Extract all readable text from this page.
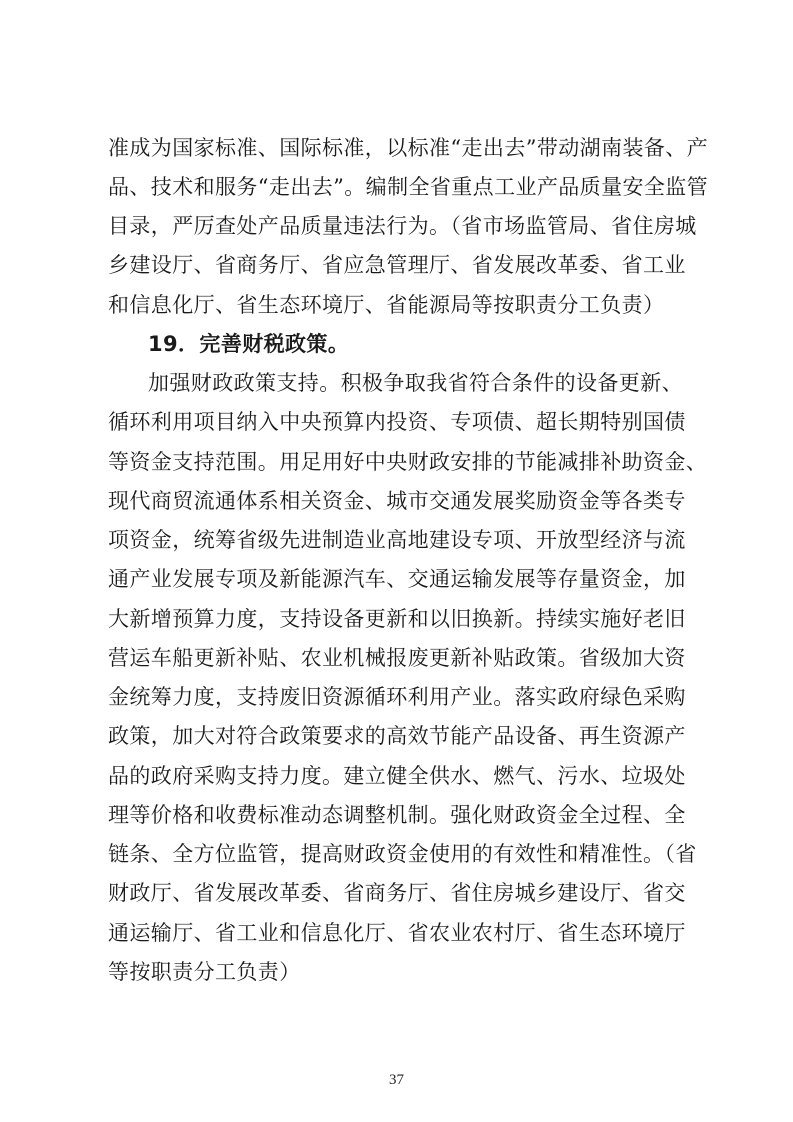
准成为国家标准、国际标准，以标准“走出去”带动湖南装备、产
品、技术和服务“走出去”。编制全省重点工业产品质量安全监管
目录，严厉查处产品质量违法行为。（省市场监管局、省住房城
乡建设厅、省商务厅、省应急管理厅、省发展改革委、省工业
和信息化厅、省生态环境厅、省能源局等按职责分工负责）
19．完善财税政策。
加强财政政策支持。积极争取我省符合条件的设备更新、
循环利用项目纳入中央预算内投资、专项债、超长期特别国债
等资金支持范围。用足用好中央财政安排的节能减排补助资金、
现代商贸流通体系相关资金、城市交通发展奖励资金等各类专
项资金，统筹省级先进制造业高地建设专项、开放型经济与流
通产业发展专项及新能源汽车、交通运输发展等存量资金，加
大新增预算力度，支持设备更新和以旧换新。持续实施好老旧
营运车船更新补贴、农业机械报废更新补贴政策。省级加大资
金统筹力度，支持废旧资源循环利用产业。落实政府绿色采购
政策，加大对符合政策要求的高效节能产品设备、再生资源产
品的政府采购支持力度。建立健全供水、燃气、污水、垃圾处
理等价格和收费标准动态调整机制。强化财政资金全过程、全
链条、全方位监管，提高财政资金使用的有效性和精准性。（省
财政厅、省发展改革委、省商务厅、省住房城乡建设厅、省交
通运输厅、省工业和信息化厅、省农业农村厅、省生态环境厅
等按职责分工负责）
37
